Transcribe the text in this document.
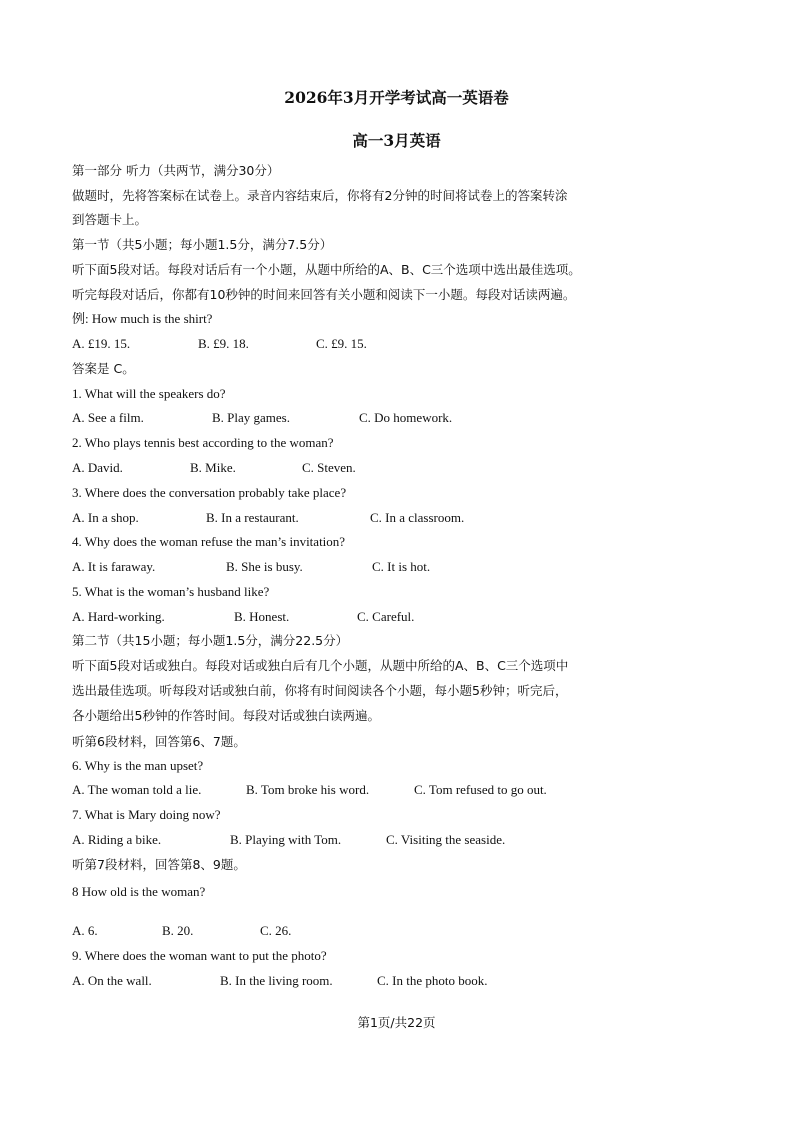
2026年3月开学考试高一英语卷
高一3月英语
第一部分 听力（共两节，满分30分）
做题时，先将答案标在试卷上。录音内容结束后，你将有2分钟的时间将试卷上的答案转涂
到答题卡上。
第一节（共5小题；每小题1.5分，满分7.5分）
听下面5段对话。每段对话后有一个小题，从题中所给的A、B、C三个选项中选出最佳选项。
听完每段对话后，你都有10秒钟的时间来回答有关小题和阅读下一小题。每段对话读两遍。
例: How much is the shirt?
A. £19. 15.	B. £9. 18.	C. £9. 15.
答案是 C。
1. What will the speakers do?
A. See a film.	B. Play games.	C. Do homework.
2. Who plays tennis best according to the woman?
A. David.	B. Mike.	C. Steven.
3. Where does the conversation probably take place?
A. In a shop.	B. In a restaurant.	C. In a classroom.
4. Why does the woman refuse the man’s invitation?
A. It is faraway.	B. She is busy.	C. It is hot.
5. What is the woman’s husband like?
A. Hard-working.	B. Honest.	C. Careful.
第二节（共15小题；每小题1.5分，满分22.5分）
听下面5段对话或独白。每段对话或独白后有几个小题，从题中所给的A、B、C三个选项中
选出最佳选项。听每段对话或独白前，你将有时间阅读各个小题，每小题5秒钟；听完后，
各小题给出5秒钟的作答时间。每段对话或独白读两遍。
听第6段材料，回答第6、7题。
6. Why is the man upset?
A. The woman told a lie.	B. Tom broke his word.	C. Tom refused to go out.
7. What is Mary doing now?
A. Riding a bike.	B. Playing with Tom.	C. Visiting the seaside.
听第7段材料，回答第8、9题。
8 How old is the woman?
A. 6.	B. 20.	C. 26.
9. Where does the woman want to put the photo?
A. On the wall.	B. In the living room.	C. In the photo book.
第1页/共22页
